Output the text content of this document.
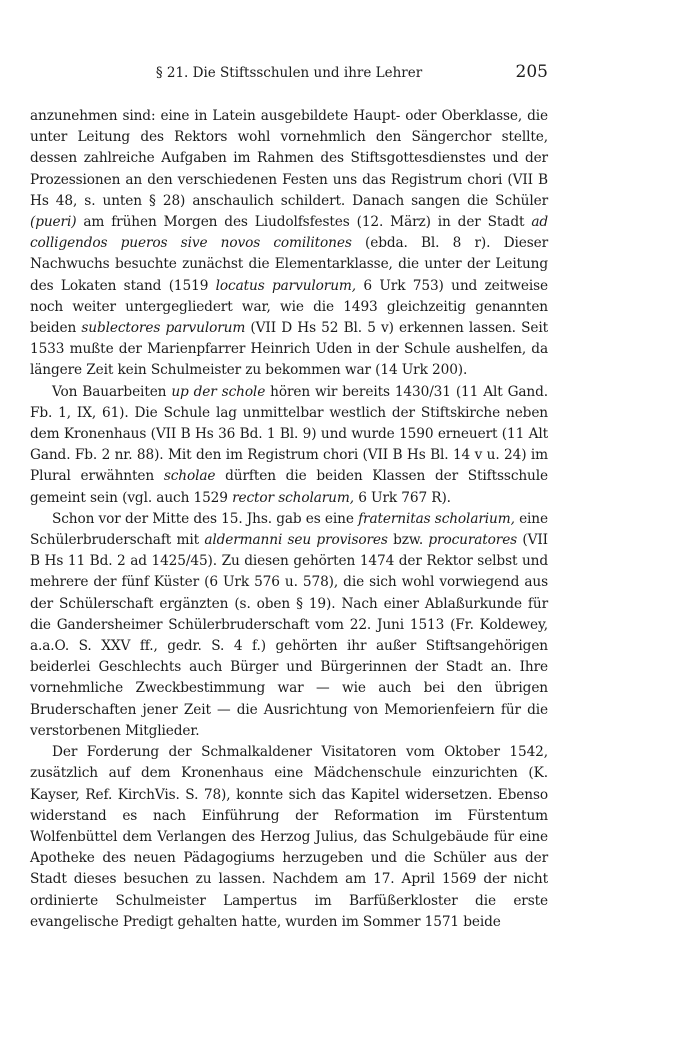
§ 21. Die Stiftsschulen und ihre Lehrer	205

anzunehmen sind: eine in Latein ausgebildete Haupt- oder Oberklasse, die unter Leitung des Rektors wohl vornehmlich den Sängerchor stellte, dessen zahlreiche Aufgaben im Rahmen des Stiftsgottesdienstes und der Prozessionen an den verschiedenen Festen uns das Registrum chori (VII B Hs 48, s. unten § 28) anschaulich schildert. Danach sangen die Schüler (pueri) am frühen Morgen des Liudolfsfestes (12. März) in der Stadt ad colligendos pueros sive novos comilitones (ebda. Bl. 8 r). Dieser Nachwuchs besuchte zunächst die Elementarklasse, die unter der Leitung des Lokaten stand (1519 locatus parvulorum, 6 Urk 753) und zeitweise noch weiter untergegliedert war, wie die 1493 gleichzeitig genannten beiden sublectores parvulorum (VII D Hs 52 Bl. 5 v) erkennen lassen. Seit 1533 mußte der Marienpfarrer Heinrich Uden in der Schule aushelfen, da längere Zeit kein Schulmeister zu bekommen war (14 Urk 200).

Von Bauarbeiten up der schole hören wir bereits 1430/31 (11 Alt Gand. Fb. 1, IX, 61). Die Schule lag unmittelbar westlich der Stiftskirche neben dem Kronenhaus (VII B Hs 36 Bd. 1 Bl. 9) und wurde 1590 erneuert (11 Alt Gand. Fb. 2 nr. 88). Mit den im Registrum chori (VII B Hs Bl. 14 v u. 24) im Plural erwähnten scholae dürften die beiden Klassen der Stiftsschule gemeint sein (vgl. auch 1529 rector scholarum, 6 Urk 767 R).

Schon vor der Mitte des 15. Jhs. gab es eine fraternitas scholarium, eine Schülerbruderschaft mit aldermanni seu provisores bzw. procuratores (VII B Hs 11 Bd. 2 ad 1425/45). Zu diesen gehörten 1474 der Rektor selbst und mehrere der fünf Küster (6 Urk 576 u. 578), die sich wohl vorwiegend aus der Schülerschaft ergänzten (s. oben § 19). Nach einer Ablaßurkunde für die Gandersheimer Schülerbruderschaft vom 22. Juni 1513 (Fr. Koldewey, a.a.O. S. XXV ff., gedr. S. 4 f.) gehörten ihr außer Stiftsangehörigen beiderlei Geschlechts auch Bürger und Bürgerinnen der Stadt an. Ihre vornehmliche Zweckbestimmung war — wie auch bei den übrigen Bruderschaften jener Zeit — die Ausrichtung von Memorienfeiern für die verstorbenen Mitglieder.

Der Forderung der Schmalkaldener Visitatoren vom Oktober 1542, zusätzlich auf dem Kronenhaus eine Mädchenschule einzurichten (K. Kayser, Ref. KirchVis. S. 78), konnte sich das Kapitel widersetzen. Ebenso widerstand es nach Einführung der Reformation im Fürstentum Wolfenbüttel dem Verlangen des Herzog Julius, das Schulgebäude für eine Apotheke des neuen Pädagogiums herzugeben und die Schüler aus der Stadt dieses besuchen zu lassen. Nachdem am 17. April 1569 der nicht ordinierte Schulmeister Lampertus im Barfüßerkloster die erste evangelische Predigt gehalten hatte, wurden im Sommer 1571 beide
